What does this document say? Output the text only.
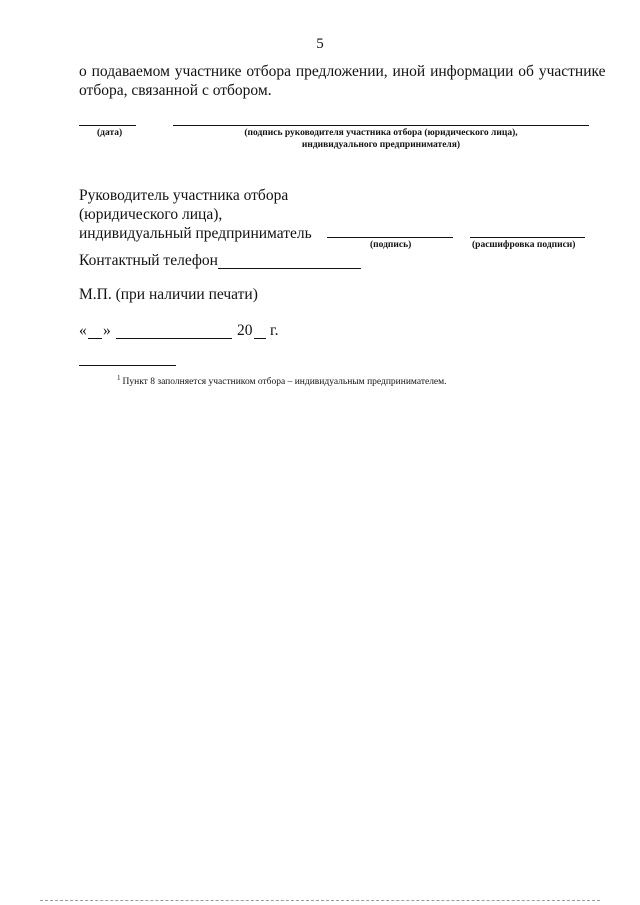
5
о подаваемом участнике отбора предложении, иной информации об участнике
отбора, связанной с отбором.
(дата)	(подпись руководителя участника отбора (юридического лица),
индивидуального предпринимателя)
Руководитель участника отбора
(юридического лица),
индивидуальный предприниматель
(подпись)	(расшифровка подписи)
Контактный телефон
М.П. (при наличии печати)
« »	20 г.
$^1$ Пункт 8 заполняется участником отбора – индивидуальным предпринимателем.
